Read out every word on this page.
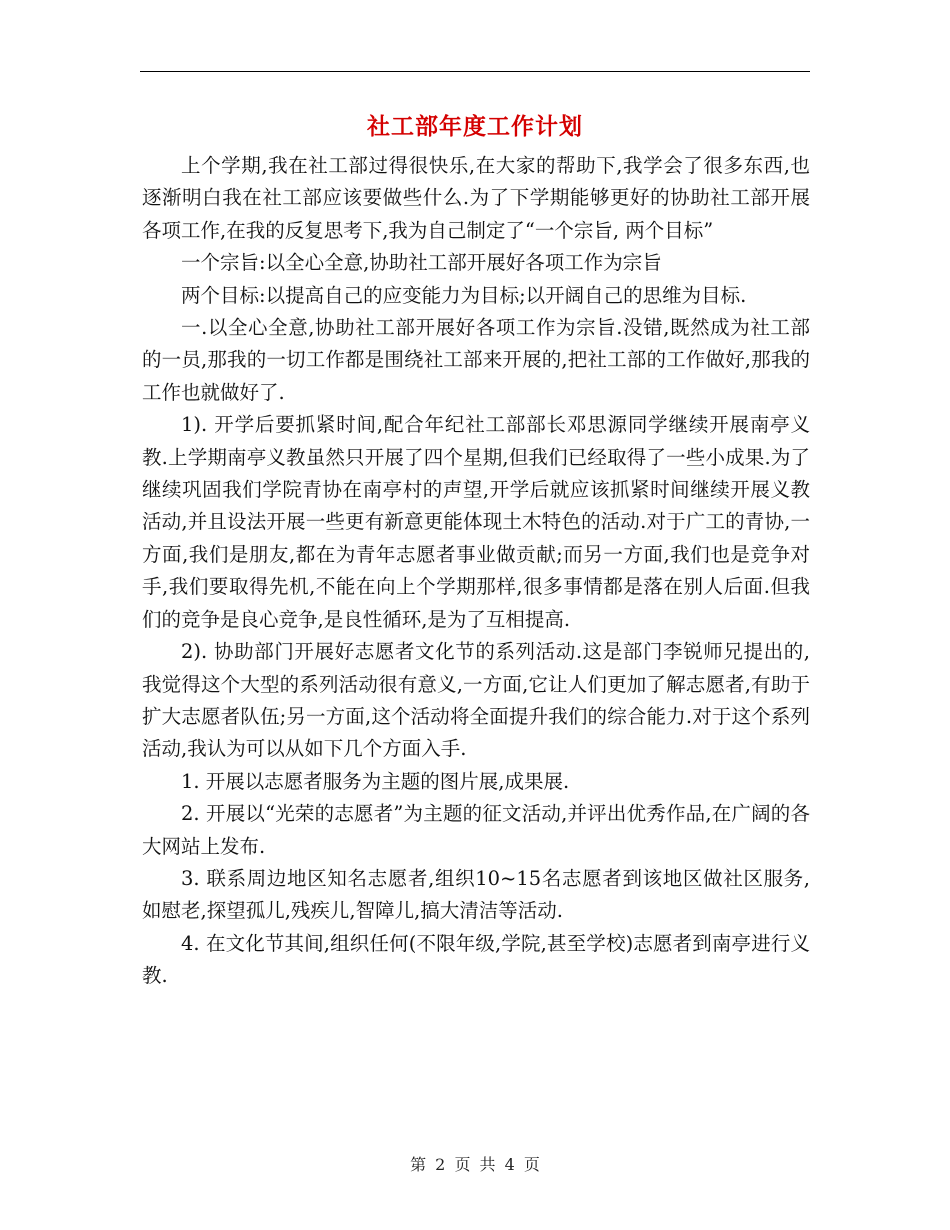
社工部年度工作计划

上个学期,我在社工部过得很快乐,在大家的帮助下,我学会了很多东西,也逐渐明白我在社工部应该要做些什么.为了下学期能够更好的协助社工部开展各项工作,在我的反复思考下,我为自己制定了“一个宗旨, 两个目标”

一个宗旨:以全心全意,协助社工部开展好各项工作为宗旨

两个目标:以提高自己的应变能力为目标;以开阔自己的思维为目标.

一.以全心全意,协助社工部开展好各项工作为宗旨.没错,既然成为社工部的一员,那我的一切工作都是围绕社工部来开展的,把社工部的工作做好,那我的工作也就做好了.

1). 开学后要抓紧时间,配合年纪社工部部长邓思源同学继续开展南亭义教.上学期南亭义教虽然只开展了四个星期,但我们已经取得了一些小成果.为了继续巩固我们学院青协在南亭村的声望,开学后就应该抓紧时间继续开展义教活动,并且设法开展一些更有新意更能体现土木特色的活动.对于广工的青协,一方面,我们是朋友,都在为青年志愿者事业做贡献;而另一方面,我们也是竞争对手,我们要取得先机,不能在向上个学期那样,很多事情都是落在别人后面.但我们的竞争是良心竞争,是良性循环,是为了互相提高.

2). 协助部门开展好志愿者文化节的系列活动.这是部门李锐师兄提出的,我觉得这个大型的系列活动很有意义,一方面,它让人们更加了解志愿者,有助于扩大志愿者队伍;另一方面,这个活动将全面提升我们的综合能力.对于这个系列活动,我认为可以从如下几个方面入手.

1. 开展以志愿者服务为主题的图片展,成果展.

2. 开展以“光荣的志愿者”为主题的征文活动,并评出优秀作品,在广阔的各大网站上发布.

3. 联系周边地区知名志愿者,组织10~15名志愿者到该地区做社区服务,如慰老,探望孤儿,残疾儿,智障儿,搞大清洁等活动.

4. 在文化节其间,组织任何(不限年级,学院,甚至学校)志愿者到南亭进行义教.

第 2 页 共 4 页
